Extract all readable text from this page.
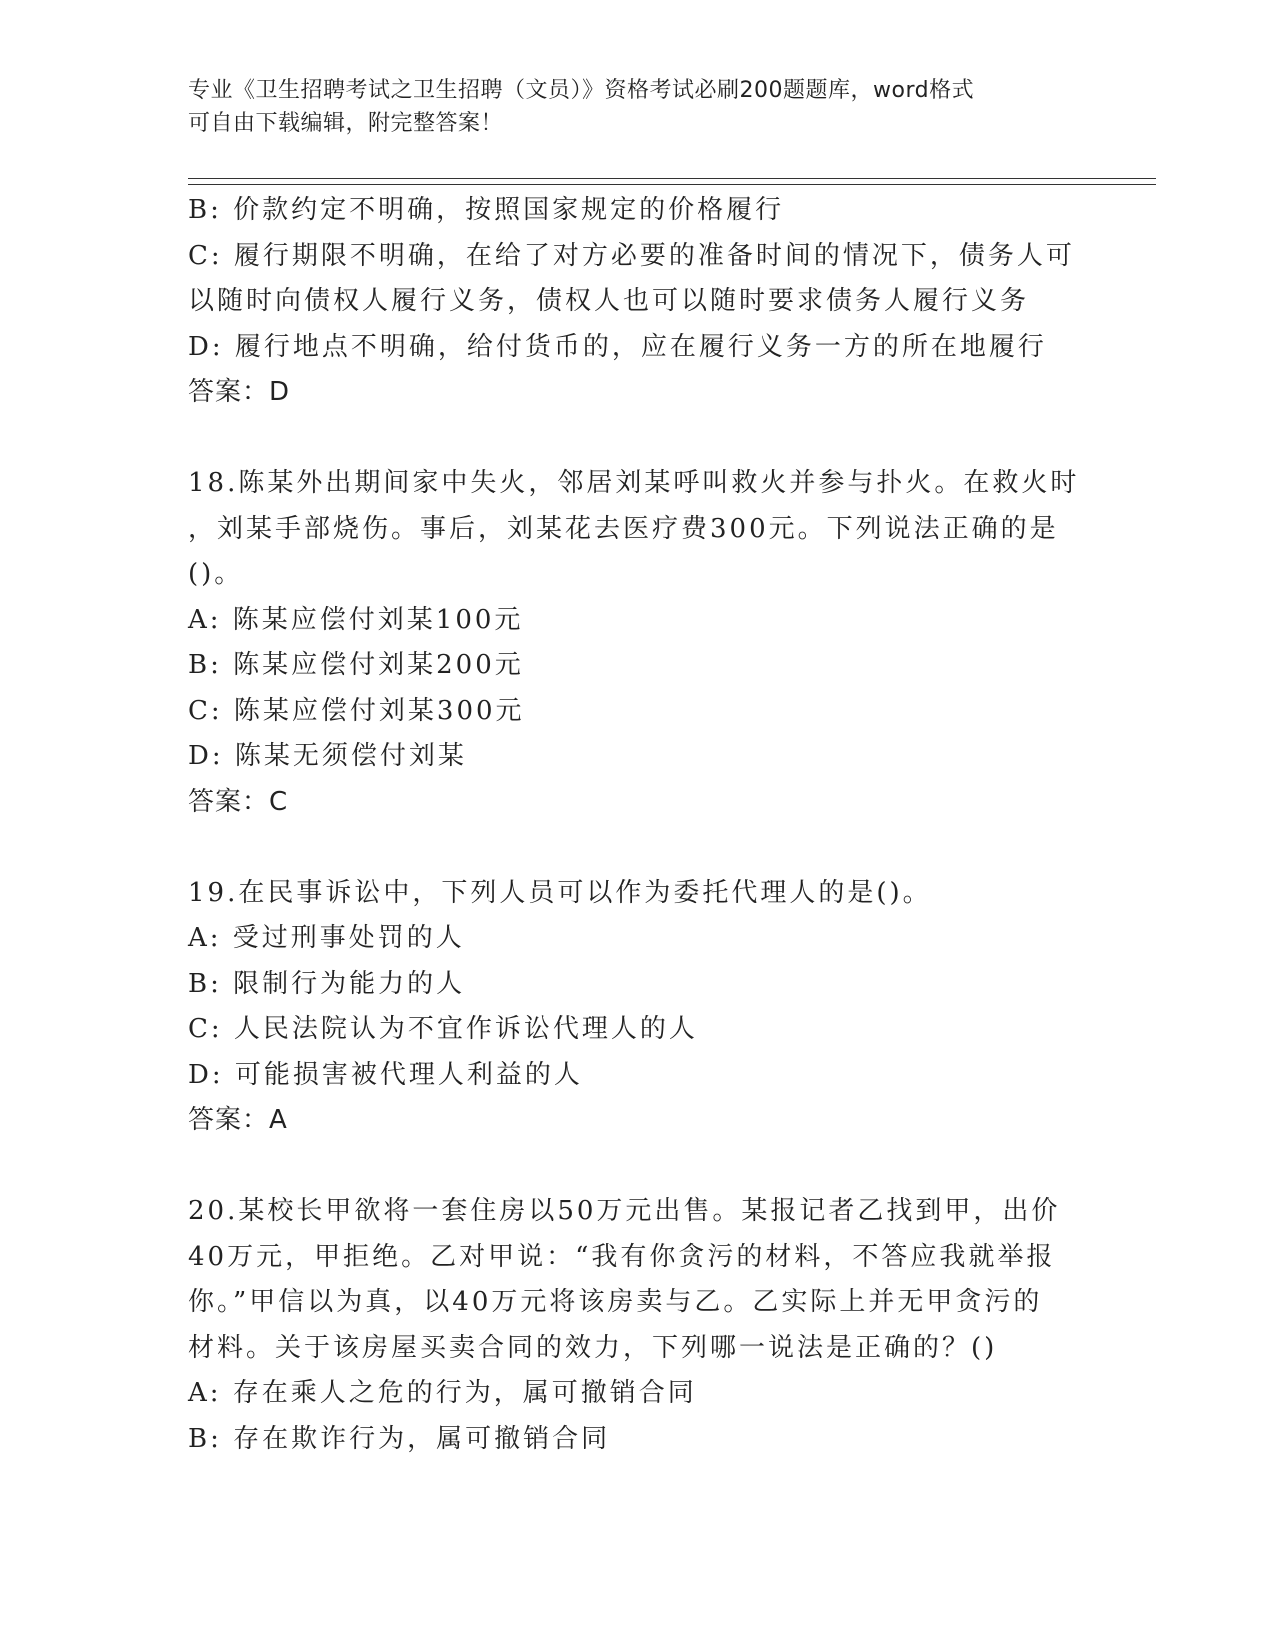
专业《卫生招聘考试之卫生招聘（文员）》资格考试必刷200题题库，word格式
可自由下载编辑，附完整答案！
B: 价款约定不明确，按照国家规定的价格履行
C: 履行期限不明确，在给了对方必要的准备时间的情况下，债务人可
以随时向债权人履行义务，债权人也可以随时要求债务人履行义务
D: 履行地点不明确，给付货币的，应在履行义务一方的所在地履行
答案：D
18.陈某外出期间家中失火，邻居刘某呼叫救火并参与扑火。在救火时
，刘某手部烧伤。事后，刘某花去医疗费300元。下列说法正确的是
()。
A: 陈某应偿付刘某100元
B: 陈某应偿付刘某200元
C: 陈某应偿付刘某300元
D: 陈某无须偿付刘某
答案：C
19.在民事诉讼中，下列人员可以作为委托代理人的是()。
A: 受过刑事处罚的人
B: 限制行为能力的人
C: 人民法院认为不宜作诉讼代理人的人
D: 可能损害被代理人利益的人
答案：A
20.某校长甲欲将一套住房以50万元出售。某报记者乙找到甲，出价
40万元，甲拒绝。乙对甲说：“我有你贪污的材料，不答应我就举报
你。”甲信以为真，以40万元将该房卖与乙。乙实际上并无甲贪污的
材料。关于该房屋买卖合同的效力，下列哪一说法是正确的？()
A: 存在乘人之危的行为，属可撤销合同
B: 存在欺诈行为，属可撤销合同
